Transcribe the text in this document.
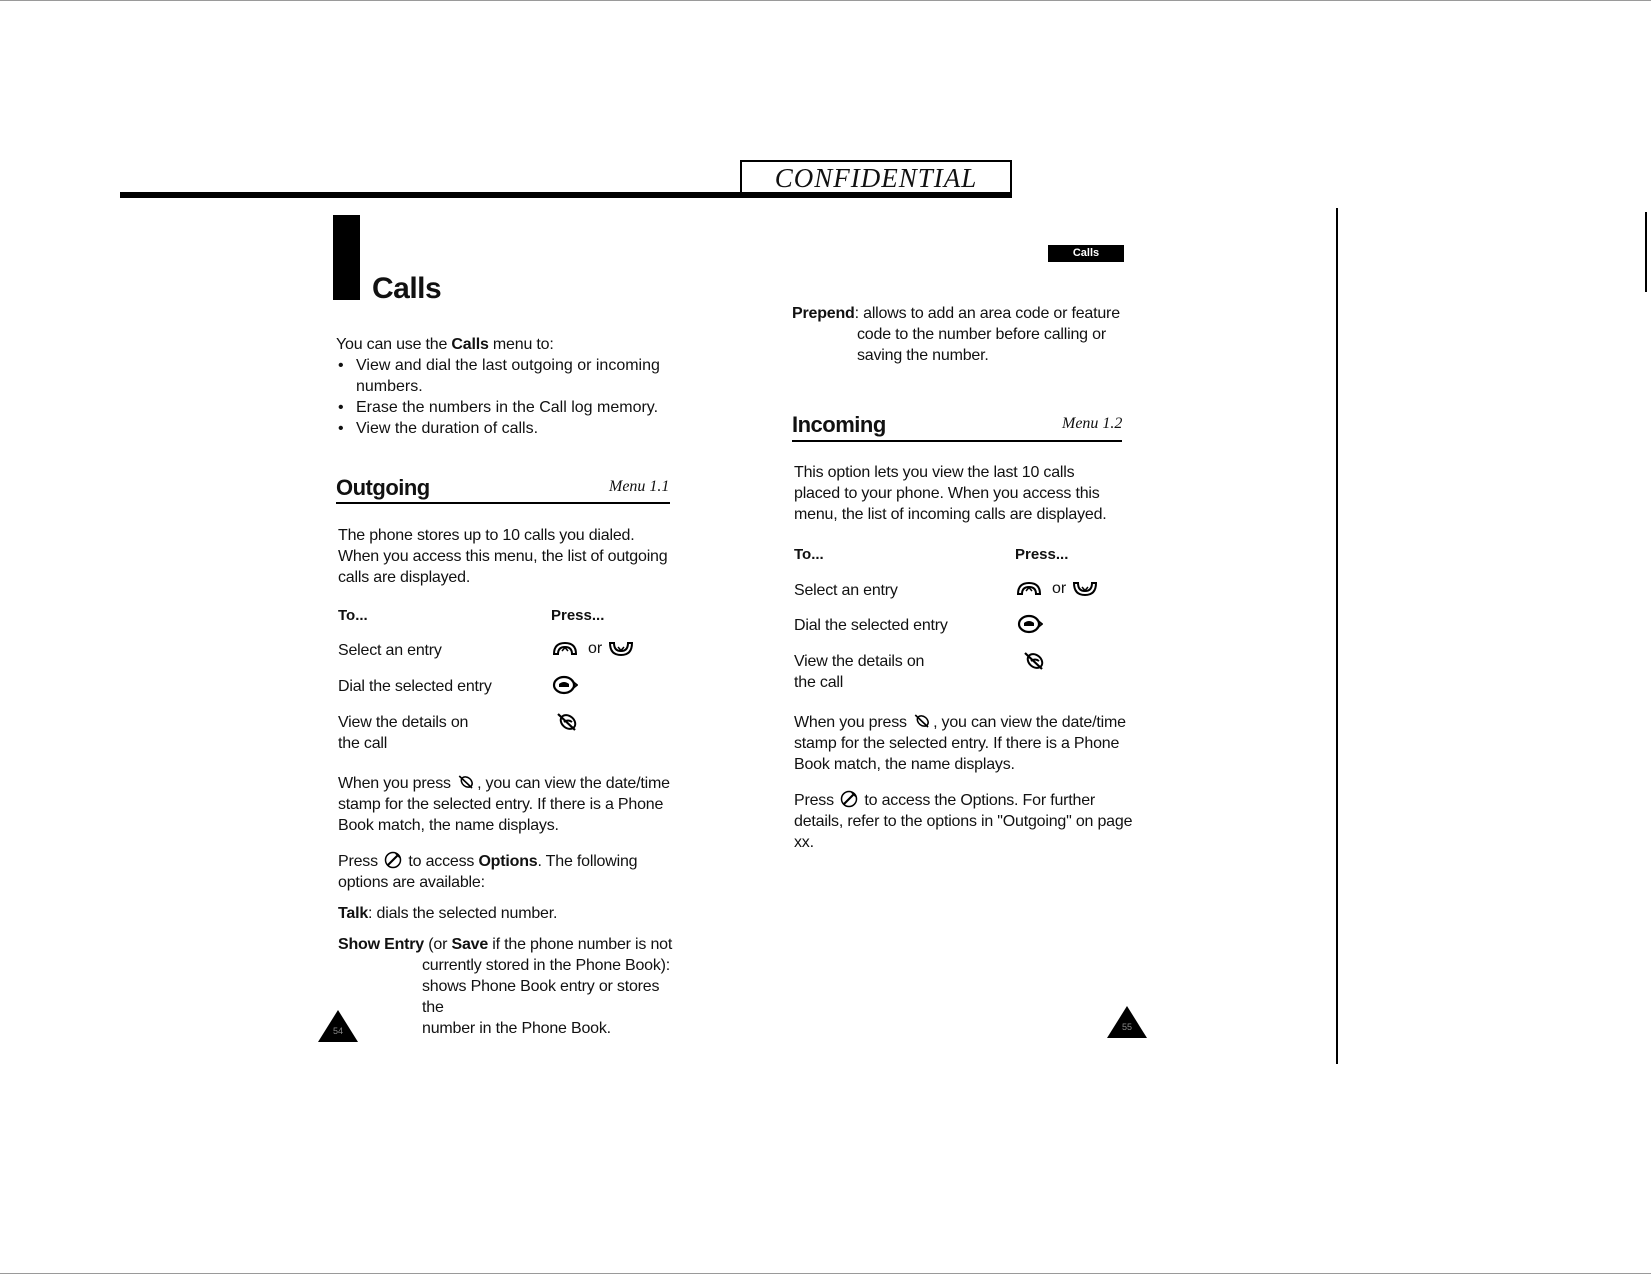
CONFIDENTIAL
Calls
You can use the Calls menu to:
• View and dial the last outgoing or incoming numbers.
• Erase the numbers in the Call log memory.
• View the duration of calls.
Outgoing	Menu 1.1
The phone stores up to 10 calls you dialed. When you access this menu, the list of outgoing calls are displayed.
To...	Press...
Select an entry	or
Dial the selected entry
View the details on
the call
When you press , you can view the date/time stamp for the selected entry. If there is a Phone Book match, the name displays.
Press  to access Options. The following options are available:
Talk: dials the selected number.
Show Entry (or Save if the phone number is not
currently stored in the Phone Book):
shows Phone Book entry or stores the
number in the Phone Book.
54
Calls
Prepend: allows to add an area code or feature
code to the number before calling or
saving the number.
Incoming	Menu 1.2
This option lets you view the last 10 calls placed to your phone. When you access this menu, the list of incoming calls are displayed.
To...	Press...
Select an entry	or
Dial the selected entry
View the details on
the call
When you press , you can view the date/time stamp for the selected entry. If there is a Phone Book match, the name displays.
Press  to access the Options. For further details, refer to the options in "Outgoing" on page xx.
55
